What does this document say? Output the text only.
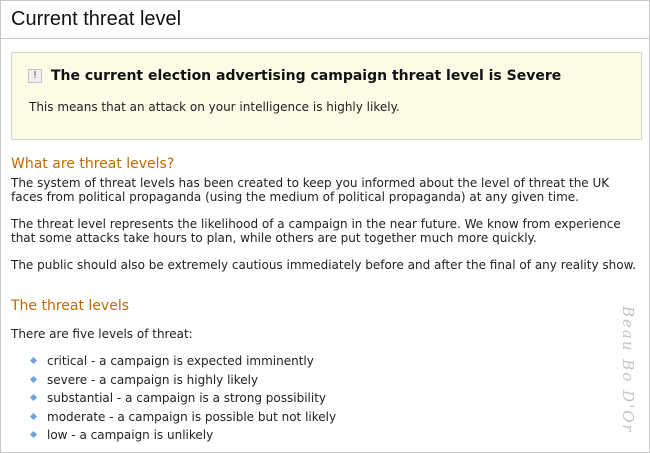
Current threat level
!	The current election advertising campaign threat level is Severe
This means that an attack on your intelligence is highly likely.
What are threat levels?

The system of threat levels has been created to keep you informed about the level of threat the UK faces from political propaganda (using the medium of political propaganda) at any given time.

The threat level represents the likelihood of a campaign in the near future. We know from experience that some attacks take hours to plan, while others are put together much more quickly.

The public should also be extremely cautious immediately before and after the final of any reality show.

The threat levels

There are five levels of threat:

critical - a campaign is expected imminently
severe - a campaign is highly likely
substantial - a campaign is a strong possibility
moderate - a campaign is possible but not likely
low - a campaign is unlikely
Beau Bo D'Or
